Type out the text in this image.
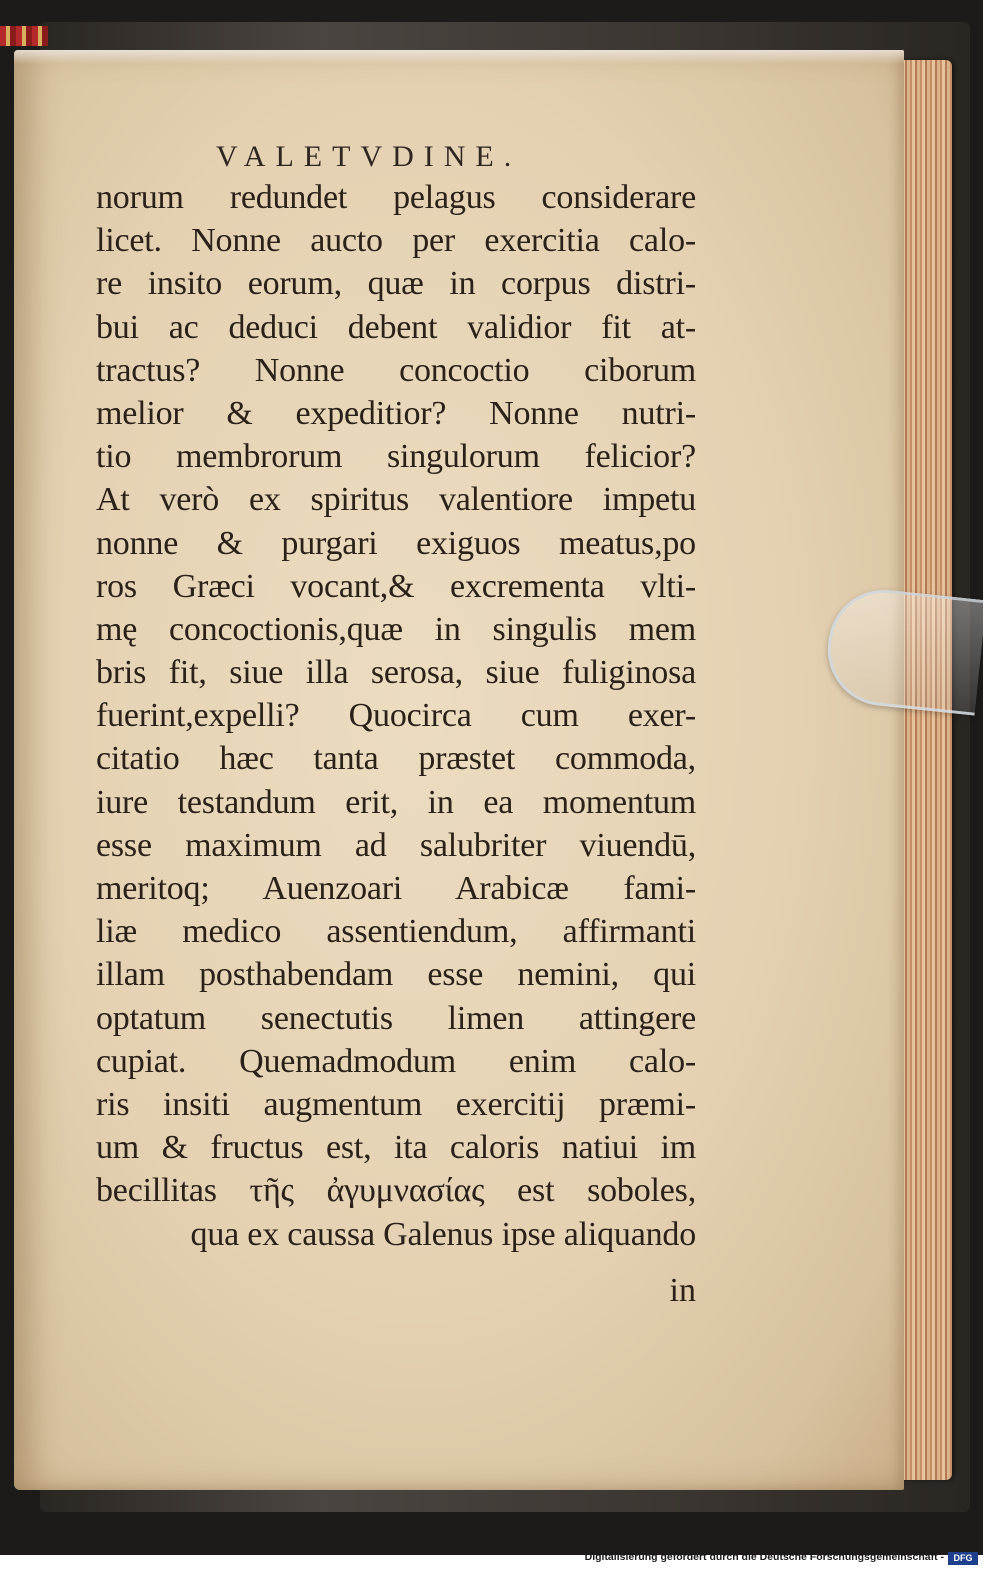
VALETVDINE.
norum redundet pelagus considerare
licet. Nonne aucto per exercitia calo-
re insito eorum, quæ in corpus distri-
bui ac deduci debent validior fit at-
tractus? Nonne concoctio ciborum
melior & expeditior? Nonne nutri-
tio membrorum singulorum felicior?
At verò ex spiritus valentiore impetu
nonne & purgari exiguos meatus,po
ros Græci vocant,& excrementa vlti-
mę concoctionis,quæ in singulis mem
bris fit, siue illa serosa, siue fuliginosa
fuerint,expelli? Quocirca cum exer-
citatio hæc tanta præstet commoda,
iure testandum erit, in ea momentum
esse maximum ad salubriter viuendū,
meritoq; Auenzoari Arabicæ fami-
liæ medico assentiendum, affirmanti
illam posthabendam esse nemini, qui
optatum senectutis limen attingere
cupiat. Quemadmodum enim calo-
ris insiti augmentum exercitij præmi-
um & fructus est, ita caloris natiui im
becillitas τῆς ἀγυμνασίας est soboles,
qua ex caussa Galenus ipse aliquando
in
Digitalisierung gefördert durch die Deutsche Forschungsgemeinschaft -	DFG
